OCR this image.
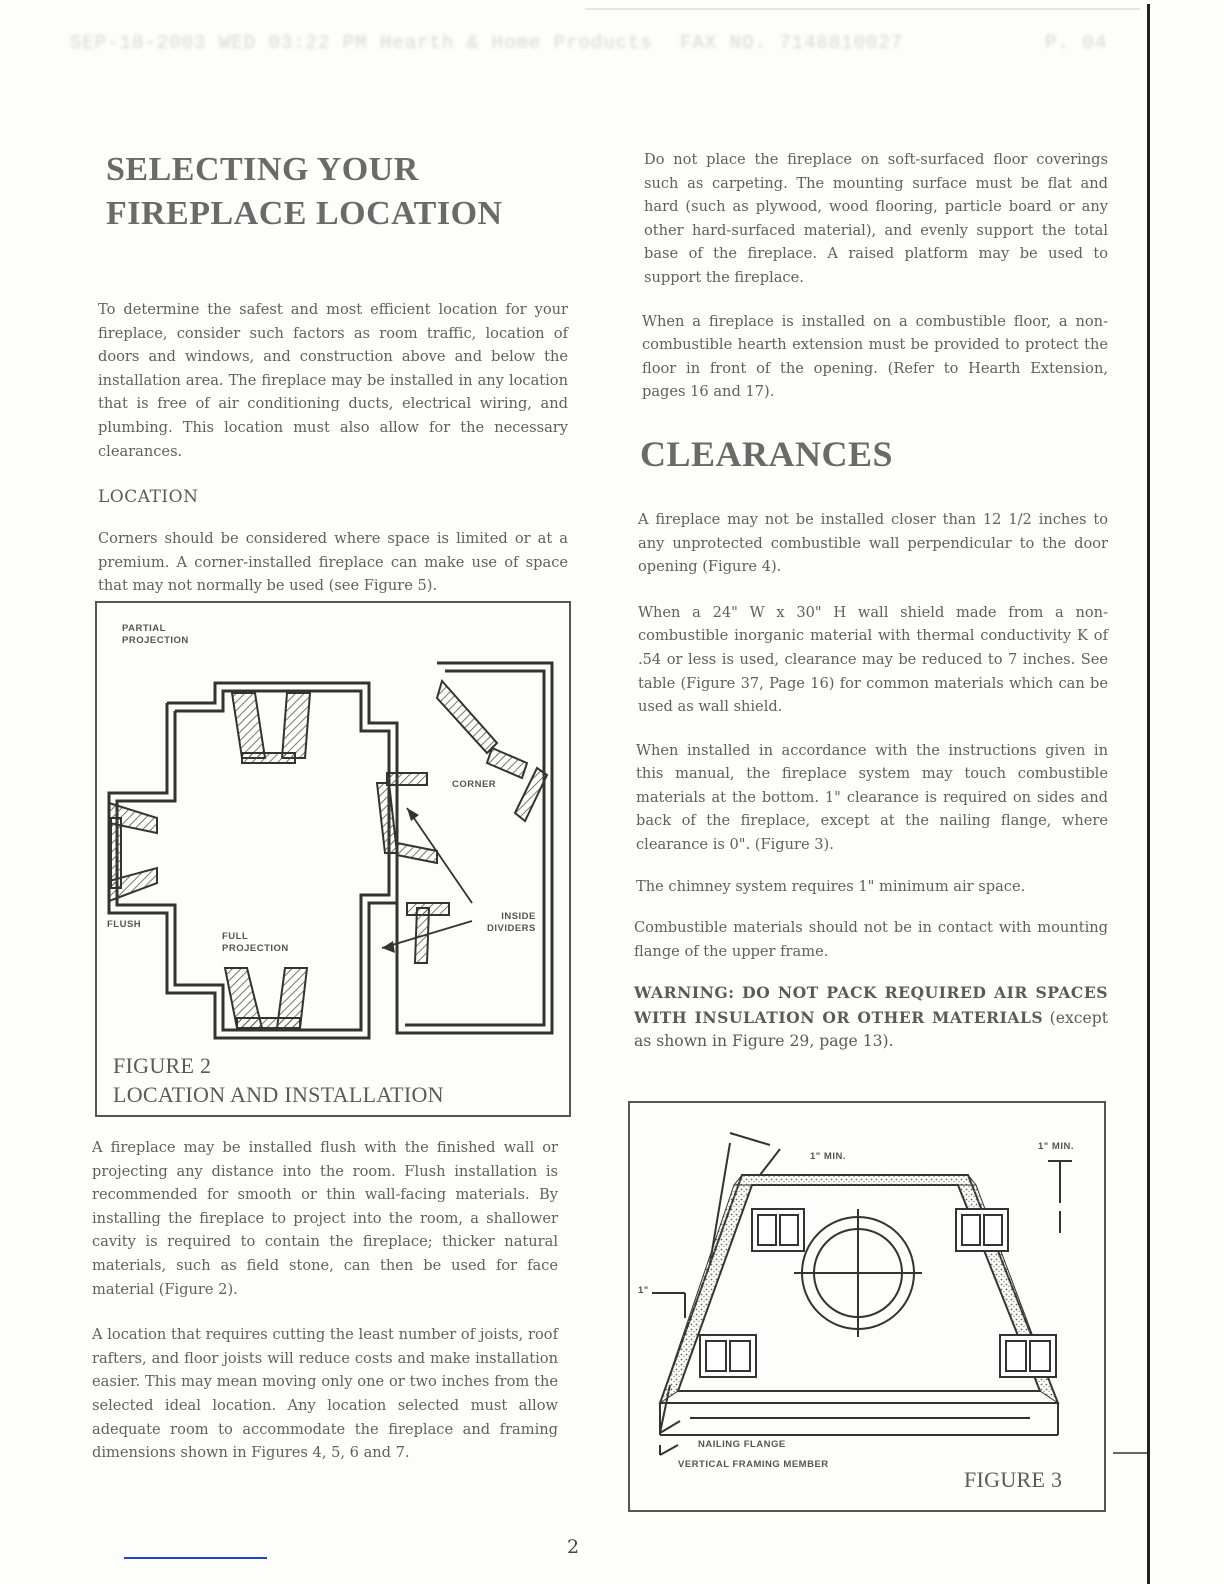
SEP-18-2003 WED 03:22 PM Hearth & Home Products FAX NO. 7148810027	P. 04
SELECTING YOUR
FIREPLACE LOCATION

To determine the safest and most efficient location for your fireplace, consider such factors as room traffic, location of doors and windows, and construction above and below the installation area. The fireplace may be installed in any location that is free of air conditioning ducts, electrical wiring, and plumbing. This location must also allow for the necessary clearances.

LOCATION

Corners should be considered where space is limited or at a premium. A corner-installed fireplace can make use of space that may not normally be used (see Figure 5).

PARTIAL
PROJECTION
CORNER
FLUSH
FULL
PROJECTION
INSIDE
DIVIDERS
FIGURE 2
LOCATION AND INSTALLATION

A fireplace may be installed flush with the finished wall or projecting any distance into the room. Flush installation is recommended for smooth or thin wall-facing materials. By installing the fireplace to project into the room, a shallower cavity is required to contain the fireplace; thicker natural materials, such as field stone, can then be used for face material (Figure 2).

A location that requires cutting the least number of joists, roof rafters, and floor joists will reduce costs and make installation easier. This may mean moving only one or two inches from the selected ideal location. Any location selected must allow adequate room to accommodate the fireplace and framing dimensions shown in Figures 4, 5, 6 and 7.

Do not place the fireplace on soft-surfaced floor coverings such as carpeting. The mounting surface must be flat and hard (such as plywood, wood flooring, particle board or any other hard-surfaced material), and evenly support the total base of the fireplace. A raised platform may be used to support the fireplace.

When a fireplace is installed on a combustible floor, a non-combustible hearth extension must be provided to protect the floor in front of the opening. (Refer to Hearth Extension, pages 16 and 17).

CLEARANCES

A fireplace may not be installed closer than 12 1/2 inches to any unprotected combustible wall perpendicular to the door opening (Figure 4).

When a 24" W x 30" H wall shield made from a non-combustible inorganic material with thermal conductivity K of .54 or less is used, clearance may be reduced to 7 inches. See table (Figure 37, Page 16) for common materials which can be used as wall shield.

When installed in accordance with the instructions given in this manual, the fireplace system may touch combustible materials at the bottom. 1" clearance is required on sides and back of the fireplace, except at the nailing flange, where clearance is 0". (Figure 3).

The chimney system requires 1" minimum air space.

Combustible materials should not be in contact with mounting flange of the upper frame.

WARNING: DO NOT PACK REQUIRED AIR SPACES WITH INSULATION OR OTHER MATERIALS (except as shown in Figure 29, page 13).

1" MIN.
1" MIN.
1"
NAILING FLANGE
VERTICAL FRAMING MEMBER
FIGURE 3
2
